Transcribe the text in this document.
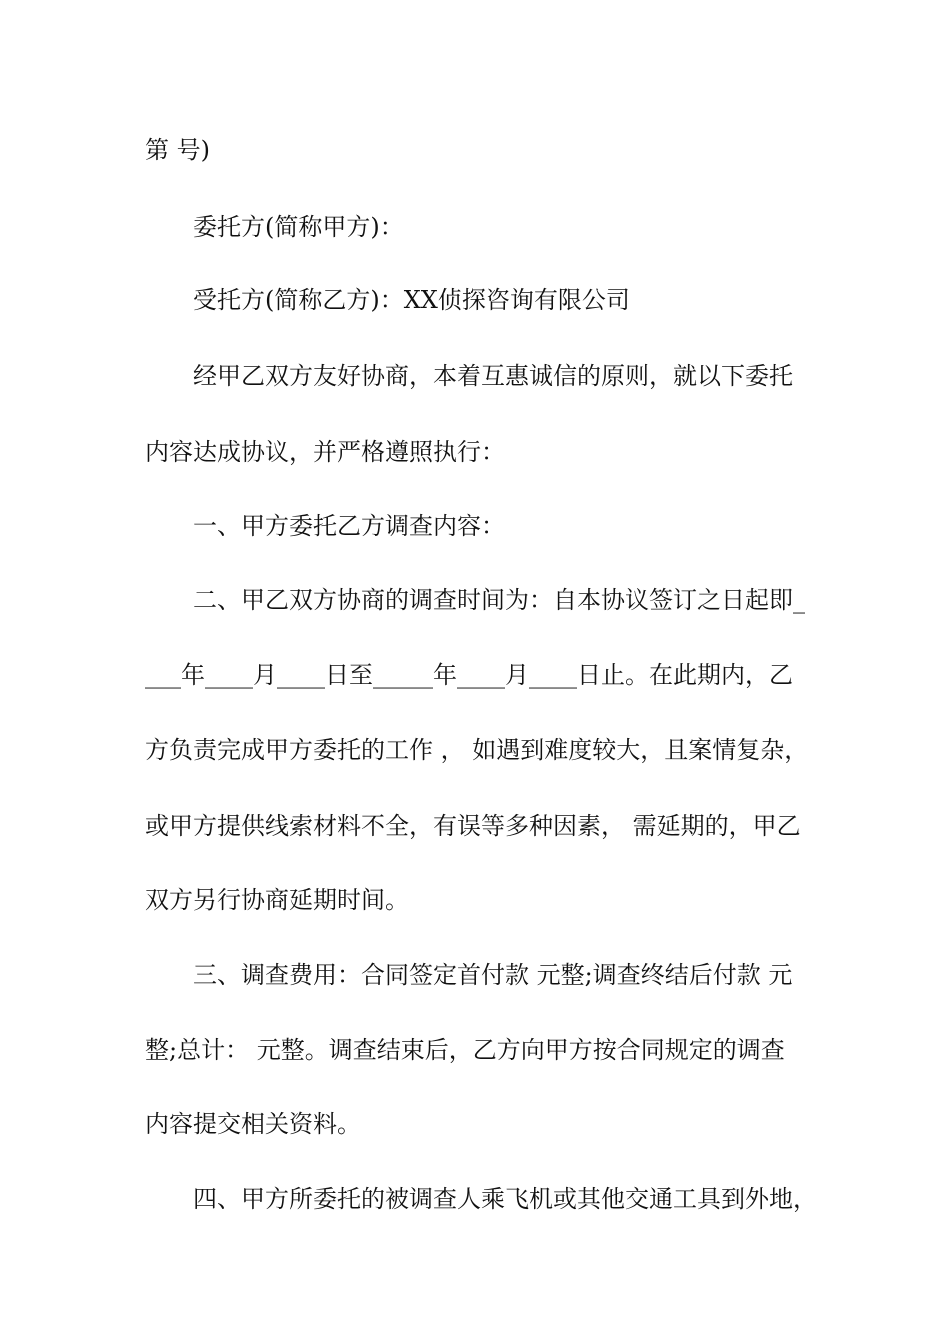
第 号)
委托方(简称甲方)：
受托方(简称乙方)：XX侦探咨询有限公司
经甲乙双方友好协商，本着互惠诚信的原则，就以下委托
内容达成协议，并严格遵照执行：
一、甲方委托乙方调查内容：
二、甲乙双方协商的调查时间为：自本协议签订之日起即_
___年____月____日至_____年____月____日止。在此期内，乙
方负责完成甲方委托的工作 ， 如遇到难度较大，且案情复杂，
或甲方提供线索材料不全，有误等多种因素， 需延期的，甲乙
双方另行协商延期时间。
三、调查费用：合同签定首付款 元整;调查终结后付款 元
整;总计： 元整。调查结束后，乙方向甲方按合同规定的调查
内容提交相关资料。
四、甲方所委托的被调查人乘飞机或其他交通工具到外地，
